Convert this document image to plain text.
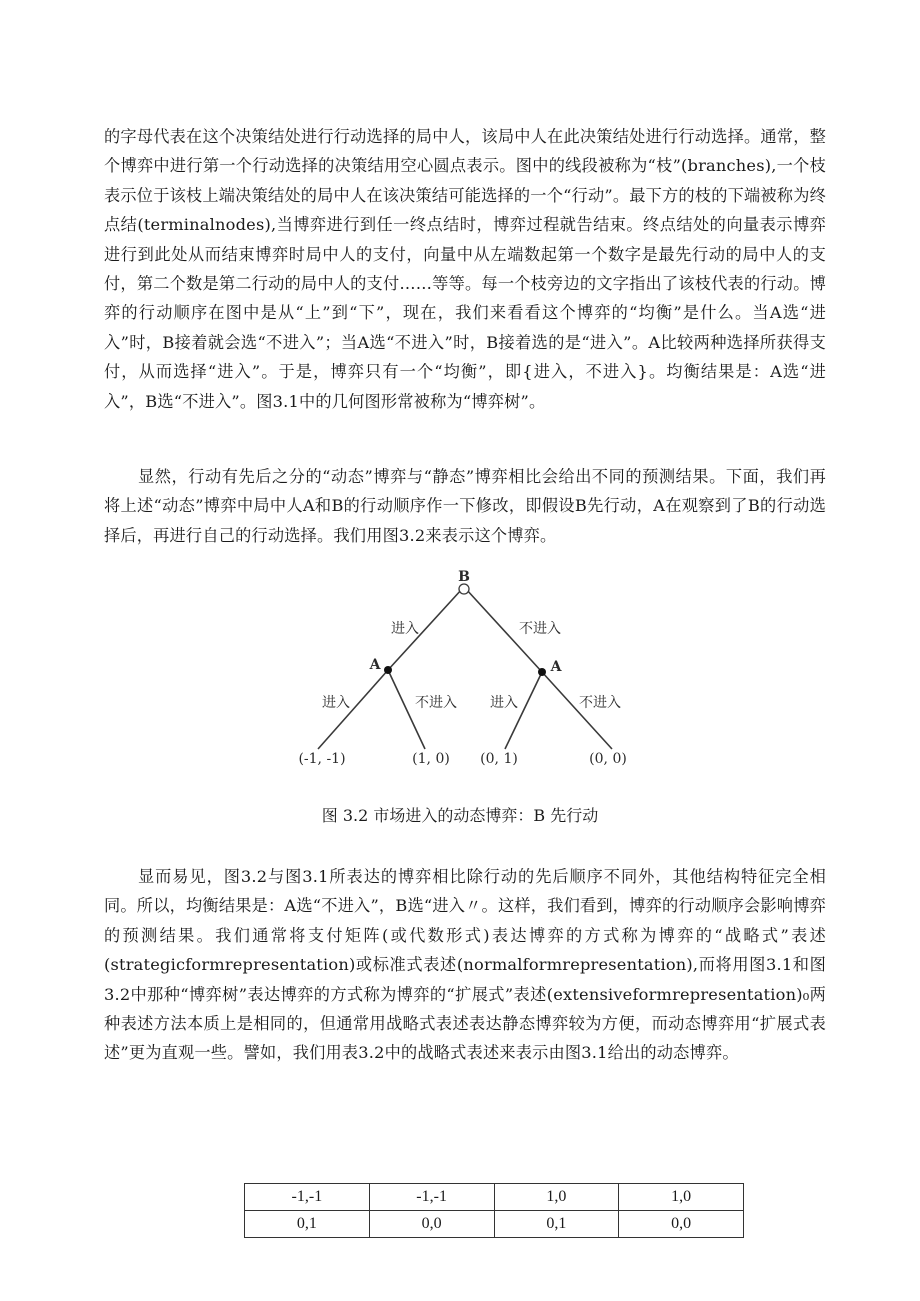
的字母代表在这个决策结处进行行动选择的局中人，该局中人在此决策结处进行行动选择。通常，整个博弈中进行第一个行动选择的决策结用空心圆点表示。图中的线段被称为“枝”(branches),一个枝表示位于该枝上端决策结处的局中人在该决策结可能选择的一个“行动”。最下方的枝的下端被称为终点结(terminalnodes),当博弈进行到任一终点结时，博弈过程就告结束。终点结处的向量表示博弈进行到此处从而结束博弈时局中人的支付，向量中从左端数起第一个数字是最先行动的局中人的支付，第二个数是第二行动的局中人的支付……等等。每一个枝旁边的文字指出了该枝代表的行动。博弈的行动顺序在图中是从“上”到“下”，现在，我们来看看这个博弈的“均衡”是什么。当A选“进入”时，B接着就会选“不进入”；当A选“不进入”时，B接着选的是“进入”。A比较两种选择所获得支付，从而选择“进入”。于是，博弈只有一个“均衡”，即{进入，不进入}。均衡结果是：A选“进入”，B选“不进入”。图3.1中的几何图形常被称为“博弈树”。

显然，行动有先后之分的“动态”博弈与“静态”博弈相比会给出不同的预测结果。下面，我们再将上述“动态”博弈中局中人A和B的行动顺序作一下修改，即假设B先行动，A在观察到了B的行动选择后，再进行自己的行动选择。我们用图3.2来表示这个博弈。

B
A	A
进入	不进入
进入	不进入 进入	不进入
(-1, -1)	(1, 0) (0, 1)	(0, 0)

图 3.2 市场进入的动态博弈：B 先行动

显而易见，图3.2与图3.1所表达的博弈相比除行动的先后顺序不同外，其他结构特征完全相同。所以，均衡结果是：A选“不进入”，B选“进入〃。这样，我们看到，博弈的行动顺序会影响博弈的预测结果。我们通常将支付矩阵(或代数形式)表达博弈的方式称为博弈的“战略式”表述(strategicformrepresentation)或标准式表述(normalformrepresentation),而将用图3.1和图3.2中那种“博弈树”表达博弈的方式称为博弈的“扩展式”表述(extensiveformrepresentation)₀两种表述方法本质上是相同的，但通常用战略式表述表达静态博弈较为方便，而动态博弈用“扩展式表述”更为直观一些。譬如，我们用表3.2中的战略式表述来表示由图3.1给出的动态博弈。

-1,-1	-1,-1	1,0	1,0
0,1	0,0	0,1	0,0
